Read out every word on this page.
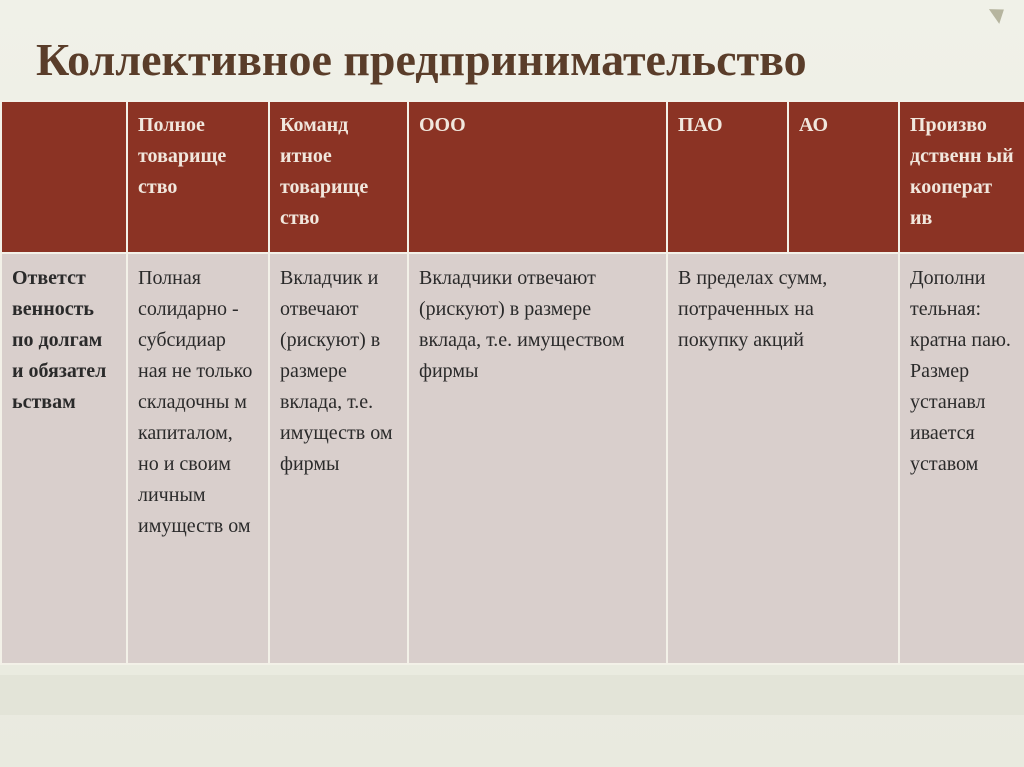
Коллективное предпринимательство
	Полное товарище ство	Команд итное товарище ство	ООО	ПАО	АО	Произво дственн ый кооперат ив
Ответст венность по долгам и обязател ьствам	Полная солидарно - субсидиар ная не только складочны м капиталом, но и своим личным имуществ ом	Вкладчик и отвечают (рискуют) в размере вклада, т.е. имуществ ом фирмы	Вкладчики отвечают (рискуют) в размере вклада, т.е. имуществом фирмы	В пределах сумм, потраченных на покупку акций		Дополни тельная: кратна паю. Размер устанавл ивается уставом
